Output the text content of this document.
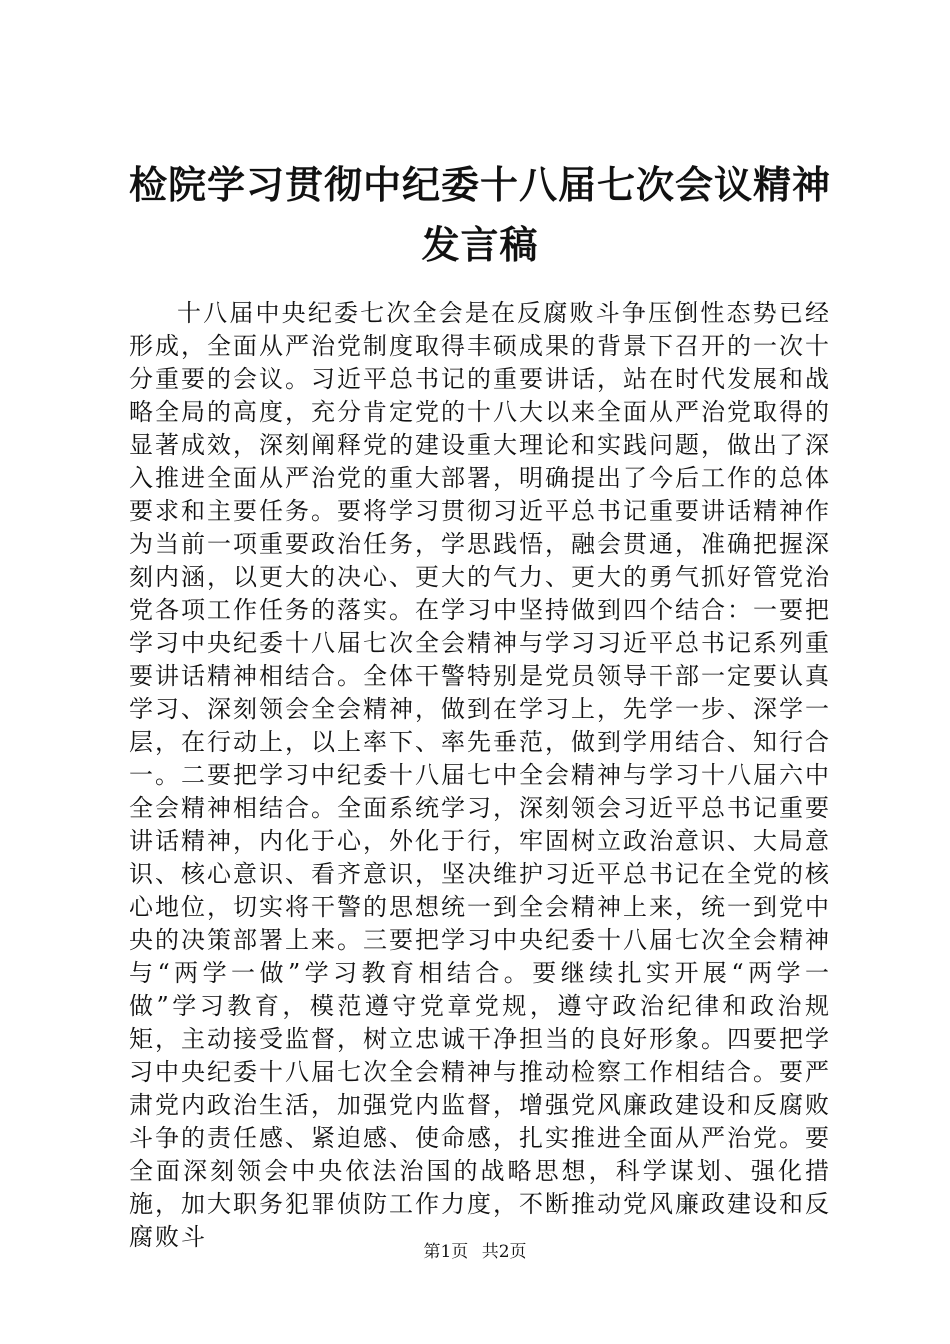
检院学习贯彻中纪委十八届七次会议精神发言稿

十八届中央纪委七次全会是在反腐败斗争压倒性态势已经形成，全面从严治党制度取得丰硕成果的背景下召开的一次十分重要的会议。习近平总书记的重要讲话，站在时代发展和战略全局的高度，充分肯定党的十八大以来全面从严治党取得的显著成效，深刻阐释党的建设重大理论和实践问题，做出了深入推进全面从严治党的重大部署，明确提出了今后工作的总体要求和主要任务。要将学习贯彻习近平总书记重要讲话精神作为当前一项重要政治任务，学思践悟，融会贯通，准确把握深刻内涵，以更大的决心、更大的气力、更大的勇气抓好管党治党各项工作任务的落实。在学习中坚持做到四个结合：一要把学习中央纪委十八届七次全会精神与学习习近平总书记系列重要讲话精神相结合。全体干警特别是党员领导干部一定要认真学习、深刻领会全会精神，做到在学习上，先学一步、深学一层，在行动上，以上率下、率先垂范，做到学用结合、知行合一。二要把学习中纪委十八届七中全会精神与学习十八届六中全会精神相结合。全面系统学习，深刻领会习近平总书记重要讲话精神，内化于心，外化于行，牢固树立政治意识、大局意识、核心意识、看齐意识，坚决维护习近平总书记在全党的核心地位，切实将干警的思想统一到全会精神上来，统一到党中央的决策部署上来。三要把学习中央纪委十八届七次全会精神与“两学一做”学习教育相结合。要继续扎实开展“两学一做”学习教育，模范遵守党章党规，遵守政治纪律和政治规矩，主动接受监督，树立忠诚干净担当的良好形象。四要把学习中央纪委十八届七次全会精神与推动检察工作相结合。要严肃党内政治生活，加强党内监督，增强党风廉政建设和反腐败斗争的责任感、紧迫感、使命感，扎实推进全面从严治党。要全面深刻领会中央依法治国的战略思想，科学谋划、强化措施，加大职务犯罪侦防工作力度，不断推动党风廉政建设和反腐败斗

第1页 共2页
